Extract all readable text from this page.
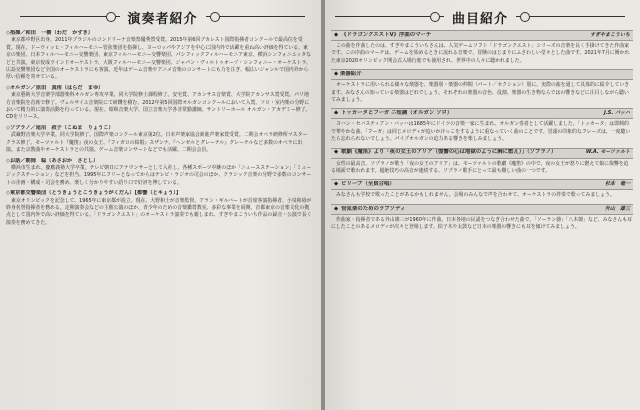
演奏者紹介
◇指揮／和田　一樹（わだ　かずき）
東京都中野区出身。2011年ブラジルのコンドリーナ音楽祭優秀賞受賞。2015年第6回ブカレスト国際指揮者コンクールで最高位を受賞。現在、ドーウィッヒ・フィルハーモニー管弦楽団を指揮し、ヨーロッパやアジアを中心に国内外で活躍を重ね高い評価を得ている。東京の楽団、日本フィルハーモニー交響楽団、東京フィルハーモニー交響楽団、パシフィックフィルハーモニア東京、横浜シンフォニエッタなどと共演。東京佼成ウインドオーケストラ、大阪フィルハーモニー交響楽団、ジャパン・ヴィルトゥオーゾ・シンフォニー・オーケストラ、広島交響楽団など全国のオーケストラにも客演。近年はゲーム音楽やアニメ音楽のコンサートにも力を注ぎ、幅広いジャンルで国内外から厚い信頼を寄せている。
◇オルガン／原田　真侑（はらだ　まゆ）
東京藝術大学音楽学部器楽科オルガン専攻卒業、同大学院修士課程修了。安宅賞、アカンサス音楽賞、大学院アカンサス賞受賞。パリ地方音楽院を首席で修了。ヴェルサイユ音楽院にて研鑽を積む。2012年第5回国際オルガンコンクールにおいて入賞。ソロ・室内楽の分野において精力的に演奏活動を行っている。現在、昭和音楽大学、国立音楽大学各非常勤講師。サントリーホール オルガン・アカデミー修了。CDをリリース。
◇ソプラノ／尾沼　叔子（こぬま　りょうこ）
武蔵野音楽大学卒業。同大学院修了。国際声楽コンクール東京第2位。日本声楽家協会新進声楽家賞受賞。二期会オペラ研修所マスタークラス修了。モーツァルト『魔笛』夜の女王、『フィガロの結婚』スザンナ、『ヘンゼルとグレーテル』グレーテルなど多数のオペラに出演。また宗教曲やオーケストラとの共演、ゲーム音楽コンサートなどでも活躍。二期会会員。
◇お話／朝岡　聡（あさおか　さとし）
横浜市生まれ。慶應義塾大学卒業。テレビ朝日にアナウンサーとして入社し、各種スポーツ中継のほか「ニュースステーション」「ミュージックステーション」などを担当。1995年にフリーとなってからはテレビ・ラジオの司会のほか、クラシック音楽の分野で多数のコンサートの企画・構成・司会を務め、楽しく分かりやすい語り口で好評を博している。
◇東京都交響楽団（とうきょうとこうきょうがくだん）【都響（とキょう）】
東京オリンピックを記念して、1965年に東京都が設立。現在、大野和士が音楽監督、アラン・ギルバートが首席客演指揮者、小泉和裕が終身名誉指揮者を務める。定期演奏会などの主催公演のほか、青少年のための音楽鑑賞教室、多彩な事業を展開。首都東京の音楽文化の拠点として国内外で高い評価を得ている。「ドラゴンクエスト」のオーケストラ演奏でも親しまれ、すぎやまこういち作品の録音・公演で長く演奏を務めてきた。
曲目紹介
◆ 《ドラゴンクエストⅤ》序曲のマーチ	すぎやまこういち
この曲を作曲したのは、すぎやまこういちさんは、人気ゲームソフト「ドラゴンクエスト」シリーズの音楽を長く手掛けてきた作曲家です。この序曲のマーチは、ゲームを始めるときに流れる音楽で、冒険のはじまりにふさわしい堂々とした曲です。2021年7月に開かれた東京2020オリンピック開会式入場行進でも使用され、世界中の人々に聴かれました。
◆ 楽器紹介
オーケストラに用いられる様々な楽器を、楽器別・楽器の仲間（パート／セクション）別に、実際の曲を通して具体的に紹介していきます。みなさんの知っている楽器はどれでしょう。それぞれの楽器の音色、役割、楽器の生き物ならではの響きなどに注目しながら聴いてみましょう。
◆ トッカータとフーガ ニ短調（オルガン ソロ）	J.S. バッハ
ヨハン・セバスティアン・バッハは1685年にドイツの音楽一家に生まれ、オルガン奏者として活躍しました。「トッカータ」は即興的で華やかな曲、「フーガ」は同じメロディが追いかけっこをするように重なっていく曲のことです。冒頭の印象的なフレーズは、一度聴いたら忘れられないでしょう。パイプオルガンの迫力ある響きを楽しみましょう。
◆ 歌劇《魔笛》より「夜の女王のアリア（復讐の心は地獄のように胸に燃え）」（ソプラノ）	W.A. モーツァルト
女性の最高音、ソプラノが歌う「夜の女王のアリア」は、モーツァルトの歌劇《魔笛》の中で、夜の女王が怒りに燃えて娘に復讐を迫る場面で歌われます。超絶技巧の高音が連続する、ソプラノ歌手にとって最も難しい曲の一つです。
◆ ビリーブ（全員合唱）	杉本　竜一
みなさんも学校で歌ったことがあるかもしれません。会場のみんなで声を合わせて、オーケストラの伴奏で歌ってみましょう。
◆ 管弦楽のためのラプソディ	外山　雄三
作曲家・指揮者である外山雄三が1960年に作曲。日本各地の民謡をつなぎ合わせた曲で、「ソーラン節」「八木節」など、みなさんも耳にしたことのあるメロディが次々と登場します。拍子木や太鼓など日本の楽器の響きにも耳を傾けてみましょう。
